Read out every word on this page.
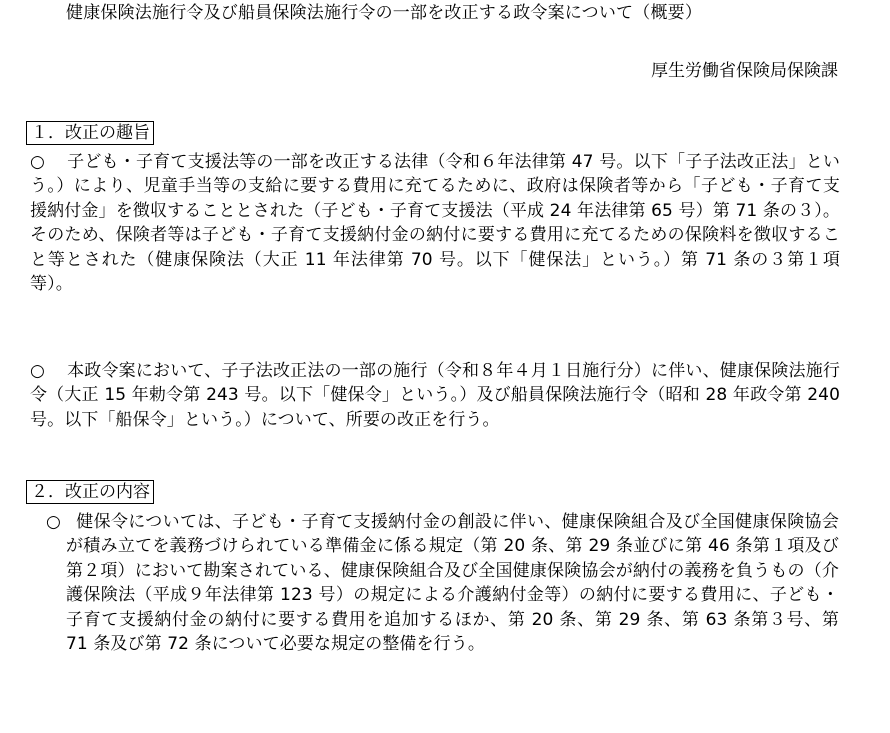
健康保険法施行令及び船員保険法施行令の一部を改正する政令案について（概要）
厚生労働省保険局保険課
１．改正の趣旨
○ 子ども・子育て支援法等の一部を改正する法律（令和６年法律第 47 号。以下「子子法改正法」という。）により、児童手当等の支給に要する費用に充てるために、政府は保険者等から「子ども・子育て支援納付金」を徴収することとされた（子ども・子育て支援法（平成 24 年法律第 65 号）第 71 条の３）。そのため、保険者等は子ども・子育て支援納付金の納付に要する費用に充てるための保険料を徴収すること等とされた（健康保険法（大正 11 年法律第 70 号。以下「健保法」という。）第 71 条の３第１項等）。
○ 本政令案において、子子法改正法の一部の施行（令和８年４月１日施行分）に伴い、健康保険法施行令（大正 15 年勅令第 243 号。以下「健保令」という。）及び船員保険法施行令（昭和 28 年政令第 240 号。以下「船保令」という。）について、所要の改正を行う。
２．改正の内容
○ 健保令については、子ども・子育て支援納付金の創設に伴い、健康保険組合及び全国健康保険協会が積み立てを義務づけられている準備金に係る規定（第 20 条、第 29 条並びに第 46 条第１項及び第２項）において勘案されている、健康保険組合及び全国健康保険協会が納付の義務を負うもの（介護保険法（平成９年法律第 123 号）の規定による介護納付金等）の納付に要する費用に、子ども・子育て支援納付金の納付に要する費用を追加するほか、第 20 条、第 29 条、第 63 条第３号、第 71 条及び第 72 条について必要な規定の整備を行う。
